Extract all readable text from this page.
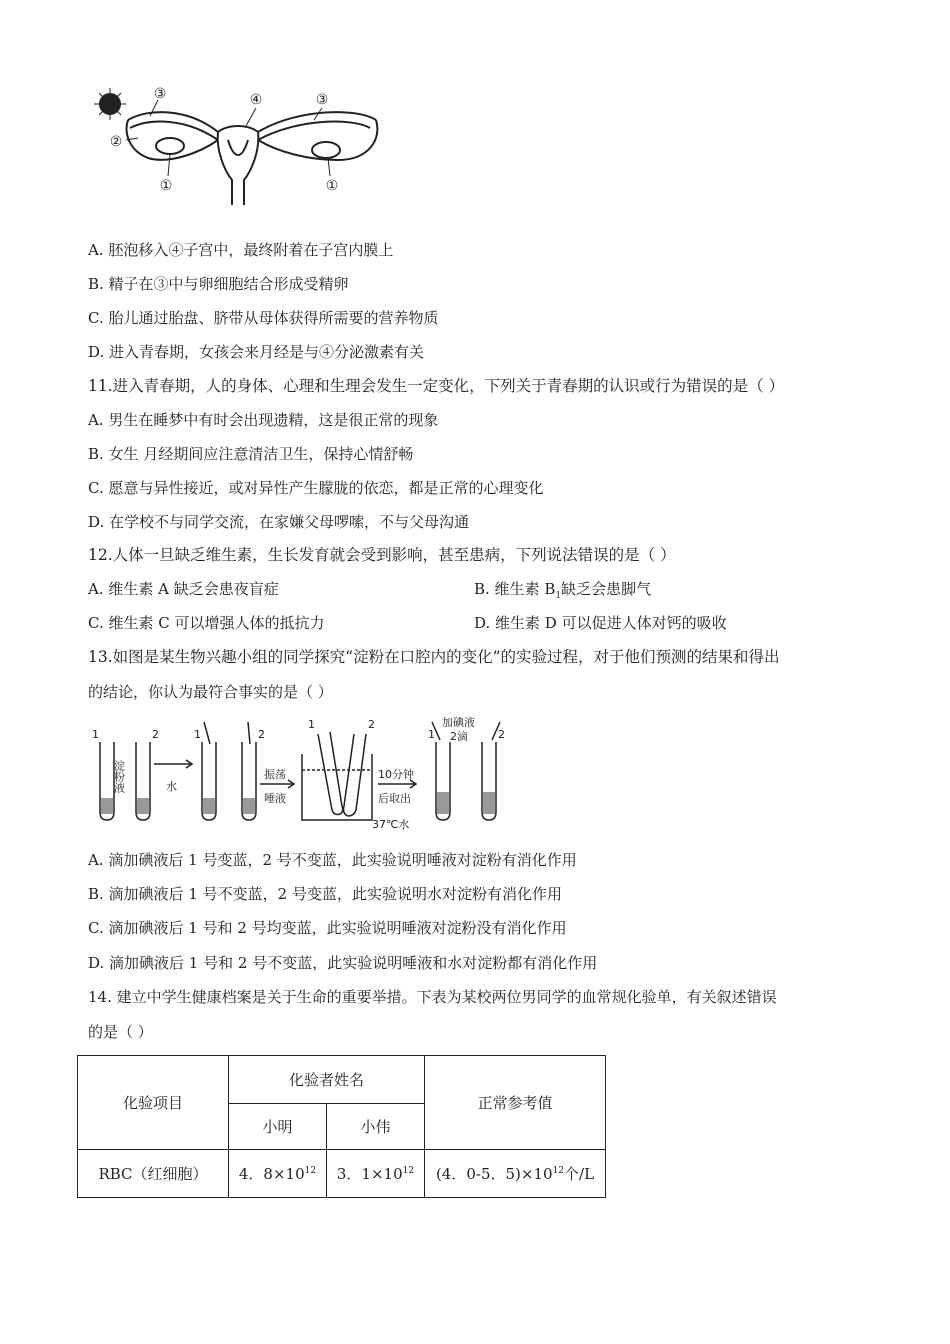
③
②
①
④	③
①
A. 胚泡移入④子宫中，最终附着在子宫内膜上
B. 精子在③中与卵细胞结合形成受精卵
C. 胎儿通过胎盘、脐带从母体获得所需要的营养物质
D. 进入青春期，女孩会来月经是与④分泌激素有关
11.进入青春期，人的身体、心理和生理会发生一定变化，下列关于青春期的认识或行为错误的是（ ）
A. 男生在睡梦中有时会出现遗精，这是很正常的现象
B. 女生 月经期间应注意清洁卫生，保持心情舒畅
C. 愿意与异性接近，或对异性产生朦胧的依恋，都是正常的心理变化
D. 在学校不与同学交流，在家嫌父母啰嗦，不与父母沟通
12.人体一旦缺乏维生素，生长发育就会受到影响，甚至患病，下列说法错误的是（ ）
A. 维生素 A 缺乏会患夜盲症	B. 维生素 $B_1$缺乏会患脚气
C. 维生素 C 可以增强人体的抵抗力	D. 维生素 D 可以促进人体对钙的吸收
13.如图是某生物兴趣小组的同学探究“淀粉在口腔内的变化”的实验过程，对于他们预测的结果和得出
的结论，你认为最符合事实的是（ ）
1	2
淀粉液	水
1	2
振荡
唾液
1	2
10分钟
后取出
37℃水
1	2
加碘液
2滴
A. 滴加碘液后 1 号变蓝，2 号不变蓝，此实验说明唾液对淀粉有消化作用
B. 滴加碘液后 1 号不变蓝，2 号变蓝，此实验说明水对淀粉有消化作用
C. 滴加碘液后 1 号和 2 号均变蓝，此实验说明唾液对淀粉没有消化作用
D. 滴加碘液后 1 号和 2 号不变蓝，此实验说明唾液和水对淀粉都有消化作用
14. 建立中学生健康档案是关于生命的重要举措。下表为某校两位男同学的血常规化验单，有关叙述错误
的是（ ）
化验项目	化验者姓名		正常参考值
	小明	小伟	
RBC（红细胞）	4．$8\times 10^{12}$	3．$1\times 10^{12}$	(4．0-5．$5)\times 10^{12}$个/L
